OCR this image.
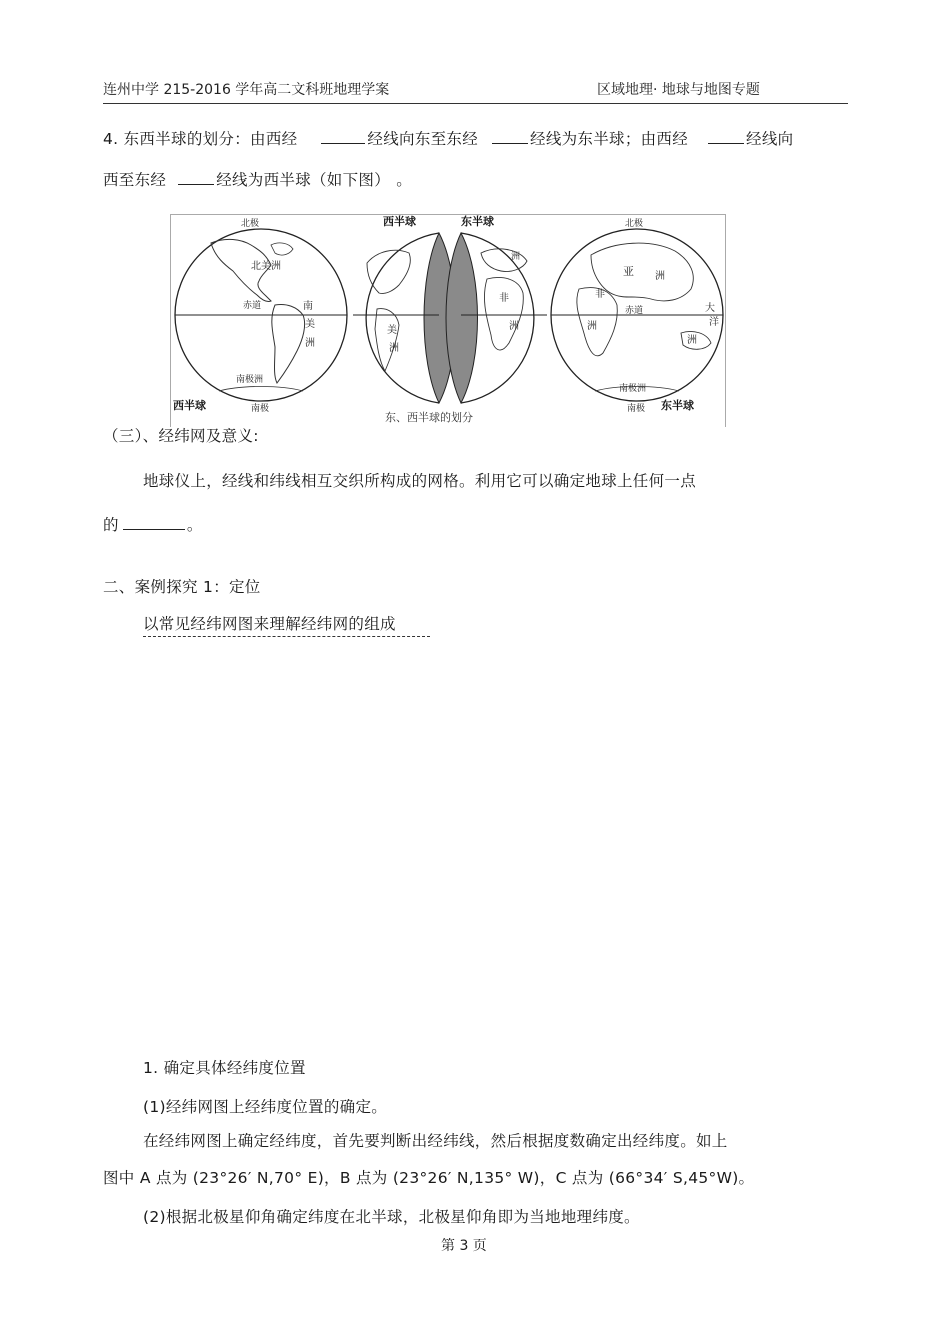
连州中学 215-2016 学年高二文科班地理学案	区域地理· 地球与地图专题
4. 东西半球的划分：由西经	经线向东至东经	经线为东半球；由西经	经线向
西至东经	经线为西半球（如下图） 。
北极
北美洲
赤道	南
美
洲
南极洲
南极
西半球
西半球	东半球
美
洲
洲
非
洲
北极
亚 洲
非
赤道
洲
大
洋
洲
南极洲
南极 东半球
东、西半球的划分
（三）、经纬网及意义:
地球仪上，经线和纬线相互交织所构成的网格。利用它可以确定地球上任何一点
的	。
二、案例探究 1：定位
以常见经纬网图来理解经纬网的组成
1. 确定具体经纬度位置
(1)经纬网图上经纬度位置的确定。
在经纬网图上确定经纬度，首先要判断出经纬线，然后根据度数确定出经纬度。如上
图中 A 点为 (23°26′ N,70° E)，B 点为 (23°26′ N,135° W)，C 点为 (66°34′ S,45°W)。
(2)根据北极星仰角确定纬度在北半球，北极星仰角即为当地地理纬度。
第 3 页
